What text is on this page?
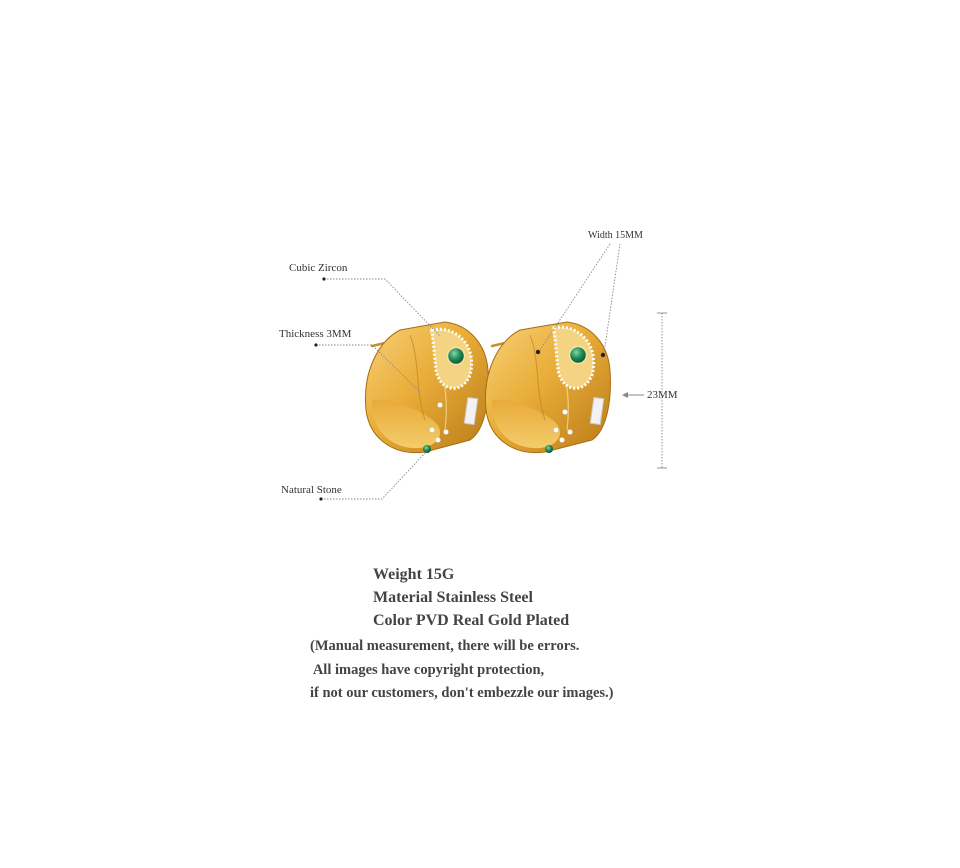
Cubic Zircon
Thickness 3MM
Natural Stone
Width 15MM
23MM
Weight 15G
Material Stainless Steel
Color PVD Real Gold Plated
(Manual measurement, there will be errors.
All images have copyright protection,
if not our customers, don't embezzle our images.)
